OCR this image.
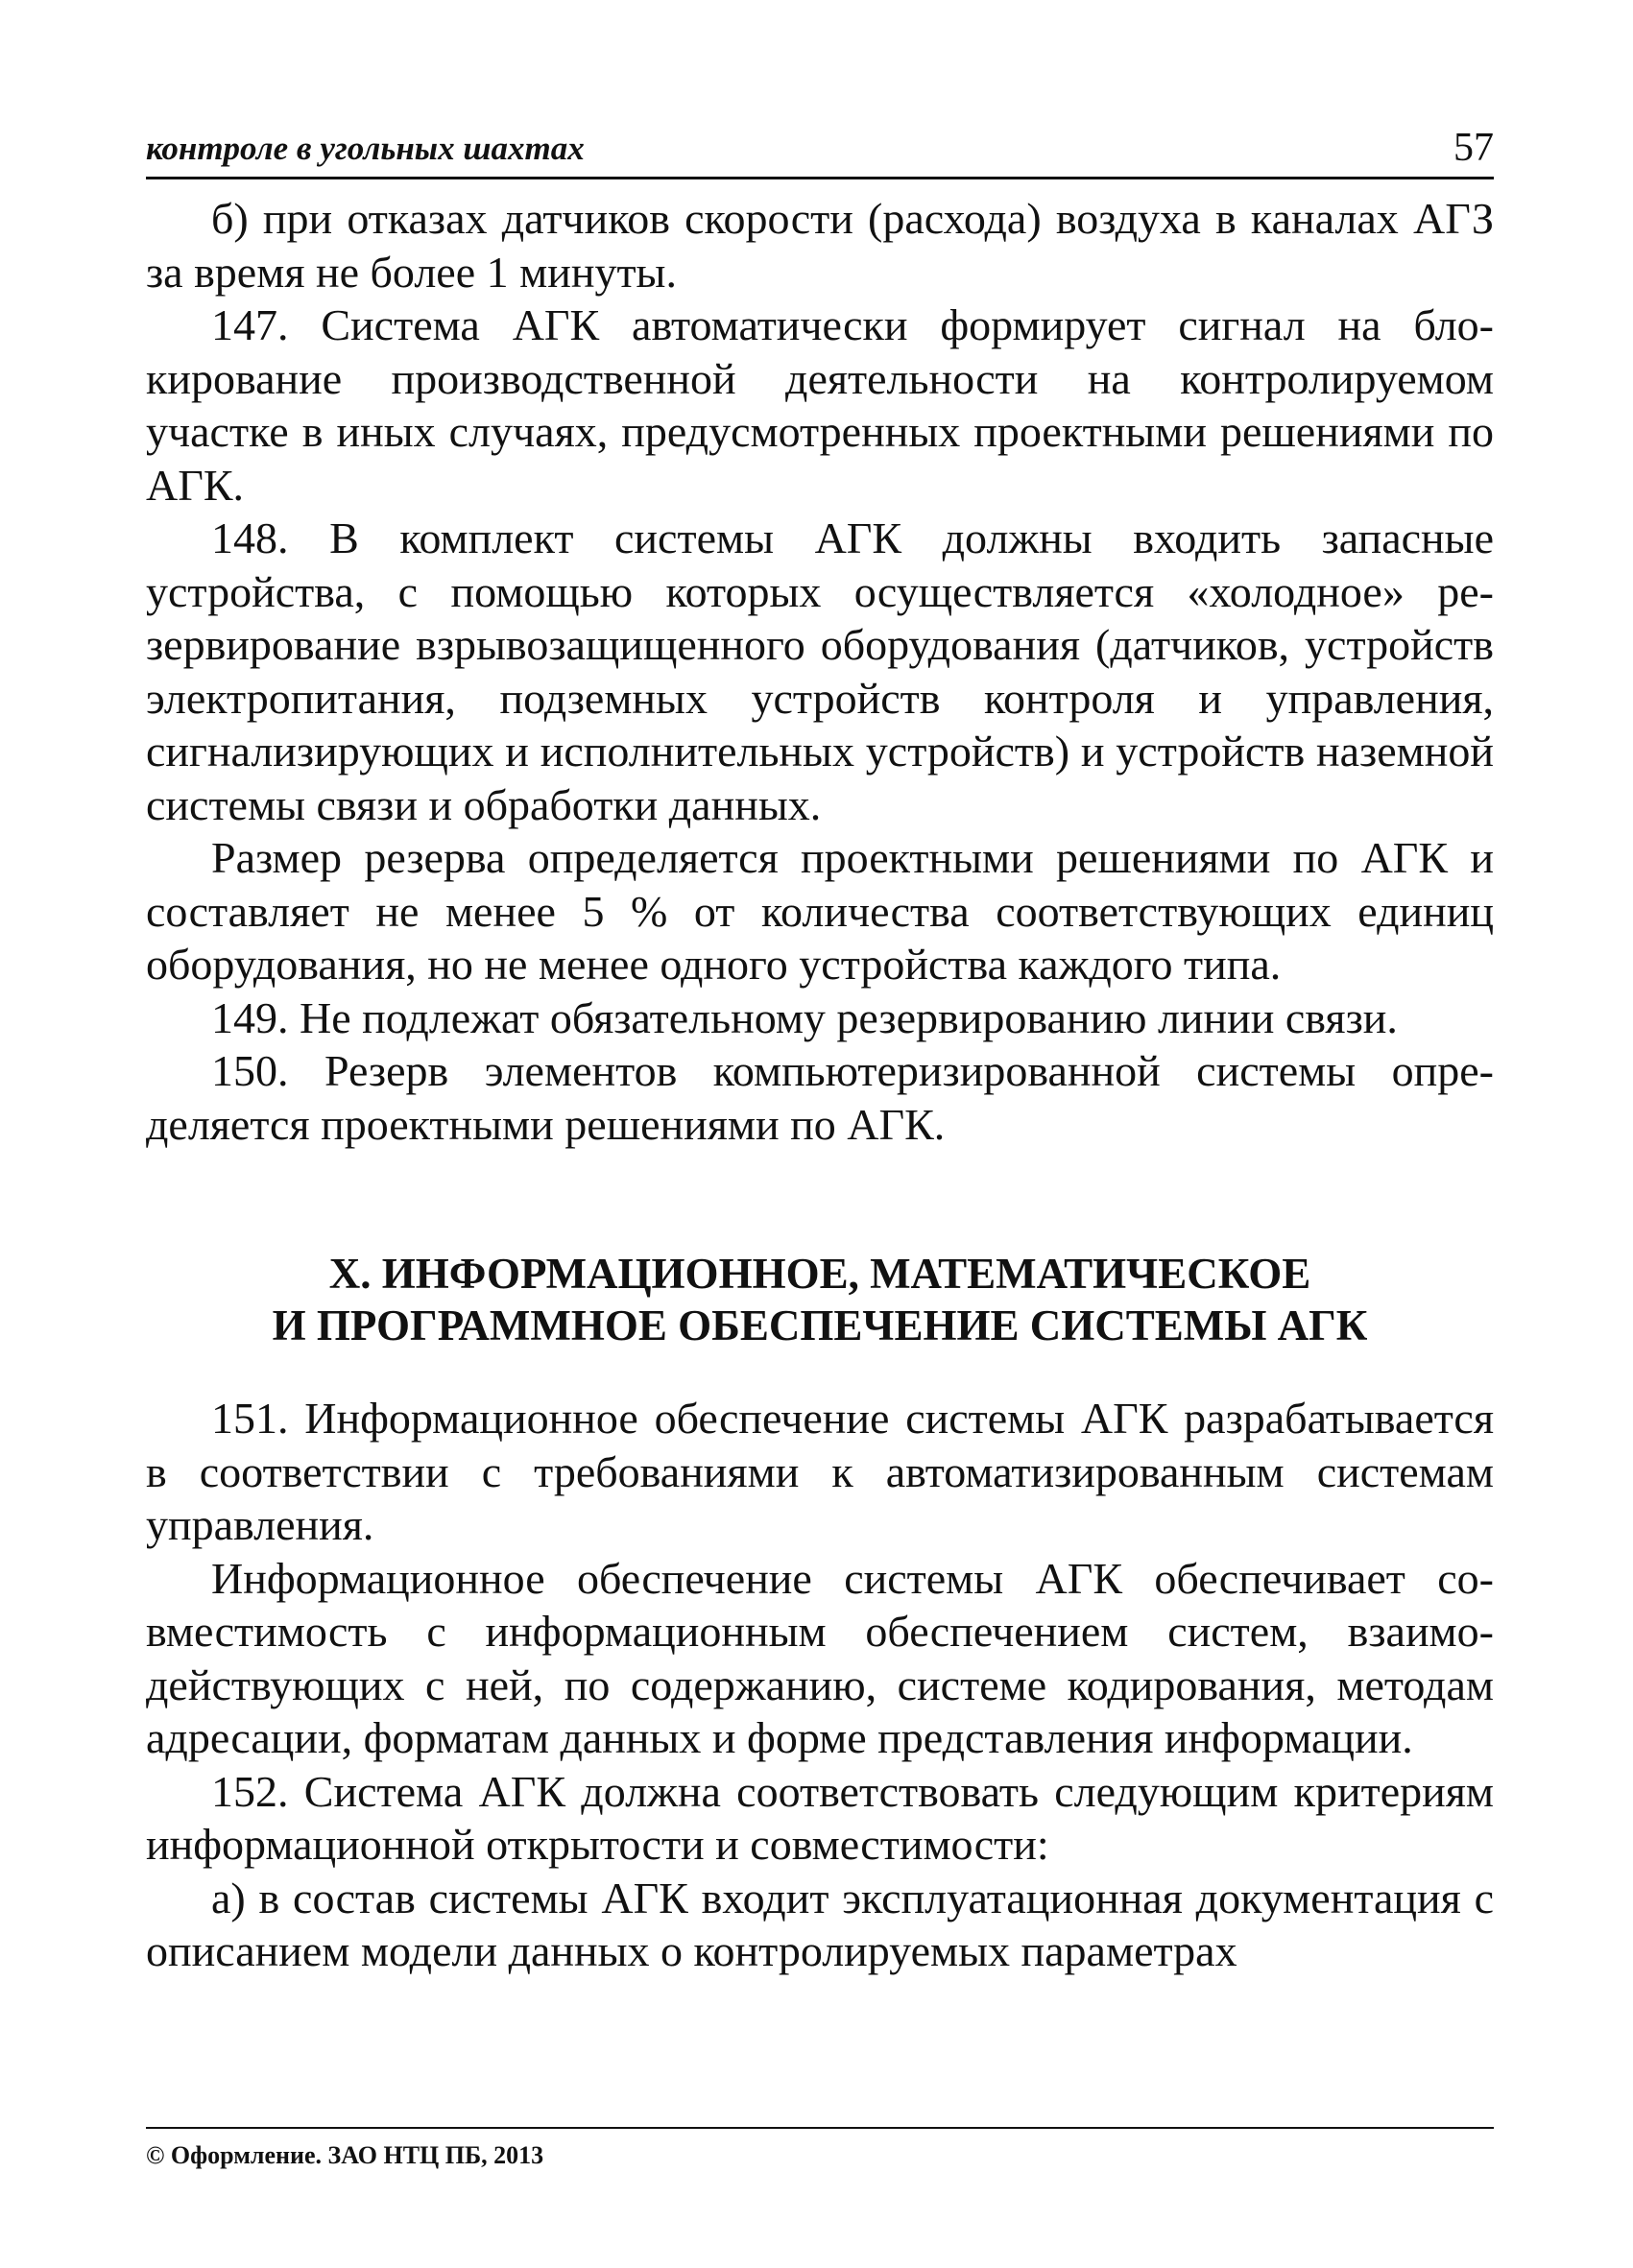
контроле в угольных шахтах	57

б) при отказах датчиков скорости (расхода) воздуха в каналах АГЗ за время не более 1 минуты.

147. Система АГК автоматически формирует сигнал на блокирование производственной деятельности на контролируемом участке в иных случаях, предусмотренных проектными решениями по АГК.

148. В комплект системы АГК должны входить запасные устройства, с помощью которых осуществляется «холодное» резервирование взрывозащищенного оборудования (датчиков, устройств электропитания, подземных устройств контроля и управления, сигнализирующих и исполнительных устройств) и устройств наземной системы связи и обработки данных.

Размер резерва определяется проектными решениями по АГК и составляет не менее 5 % от количества соответствующих единиц оборудования, но не менее одного устройства каждого типа.

149. Не подлежат обязательному резервированию линии связи.

150. Резерв элементов компьютеризированной системы определяется проектными решениями по АГК.

X. ИНФОРМАЦИОННОЕ, МАТЕМАТИЧЕСКОЕ

И ПРОГРАММНОЕ ОБЕСПЕЧЕНИЕ СИСТЕМЫ АГК

151. Информационное обеспечение системы АГК разрабатывается в соответствии с требованиями к автоматизированным системам управления.

Информационное обеспечение системы АГК обеспечивает совместимость с информационным обеспечением систем, взаимодействующих с ней, по содержанию, системе кодирования, методам адресации, форматам данных и форме представления информации.

152. Система АГК должна соответствовать следующим критериям информационной открытости и совместимости:

а) в состав системы АГК входит эксплуатационная документация с описанием модели данных о контролируемых параметрах

© Оформление. ЗАО НТЦ ПБ, 2013
